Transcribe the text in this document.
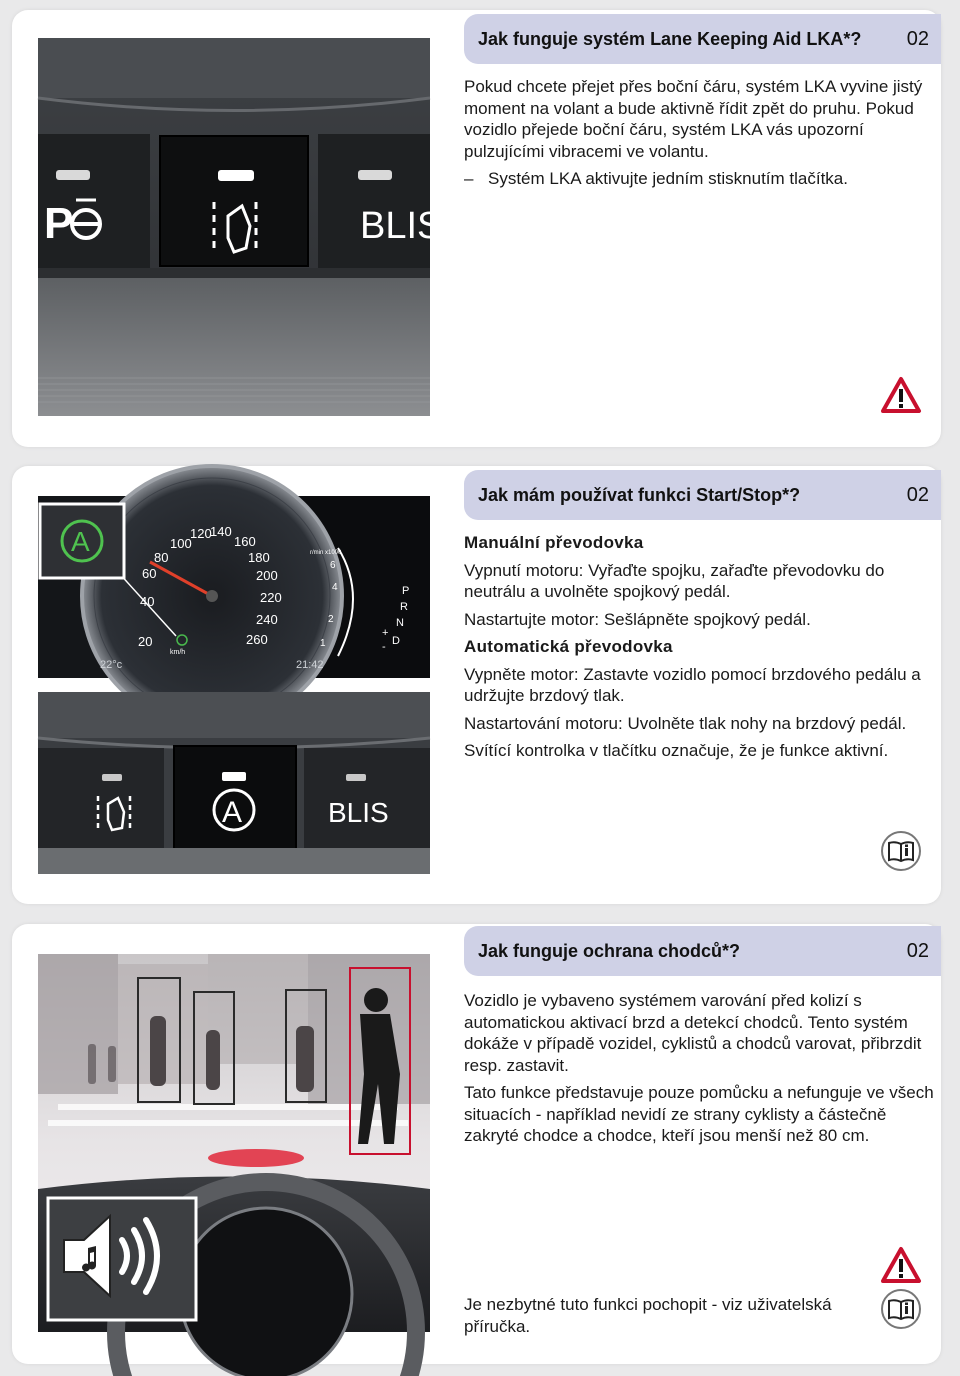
Jak funguje systém Lane Keeping Aid LKA*? 02
P	BLIS

Pokud chcete přejet přes boční čáru, systém LKA vyvine jistý moment na volant a bude aktivně řídit zpět do pruhu. Pokud vozidlo přejede boční čáru, systém LKA vás upozorní pulzujícími vibracemi ve volantu.

– Systém LKA aktivujte jedním stisknutím tlačítka.

Jak mám používat funkci Start/Stop*?	02
20
40
60
80
100
120
140
160
180
200
220
240
260
km/h
r/min x1000
6
4
2
1
P
R
N
D
+
-
22°c	21:42
A
A	BLIS

Manuální převodovka

Vypnutí motoru: Vyřaďte spojku, zařaďte převodovku do neutrálu a uvolněte spojkový pedál.

Nastartujte motor: Sešlápněte spojkový pedál.

Automatická převodovka

Vypněte motor: Zastavte vozidlo pomocí brzdového pedálu a udržujte brzdový tlak.

Nastartování motoru: Uvolněte tlak nohy na brzdový pedál.

Svítící kontrolka v tlačítku označuje, že je funkce aktivní.

Jak funguje ochrana chodců*?	02

Vozidlo je vybaveno systémem varování před kolizí s automatickou aktivací brzd a detekcí chodců. Tento systém dokáže v případě vozidel, cyklistů a chodců varovat, přibrzdit resp. zastavit.

Tato funkce představuje pouze pomůcku a nefunguje ve všech situacích - například nevidí ze strany cyklisty a částečně zakryté chodce a chodce, kteří jsou menší než 80 cm.

Je nezbytné tuto funkci pochopit - viz uživatelská příručka.
